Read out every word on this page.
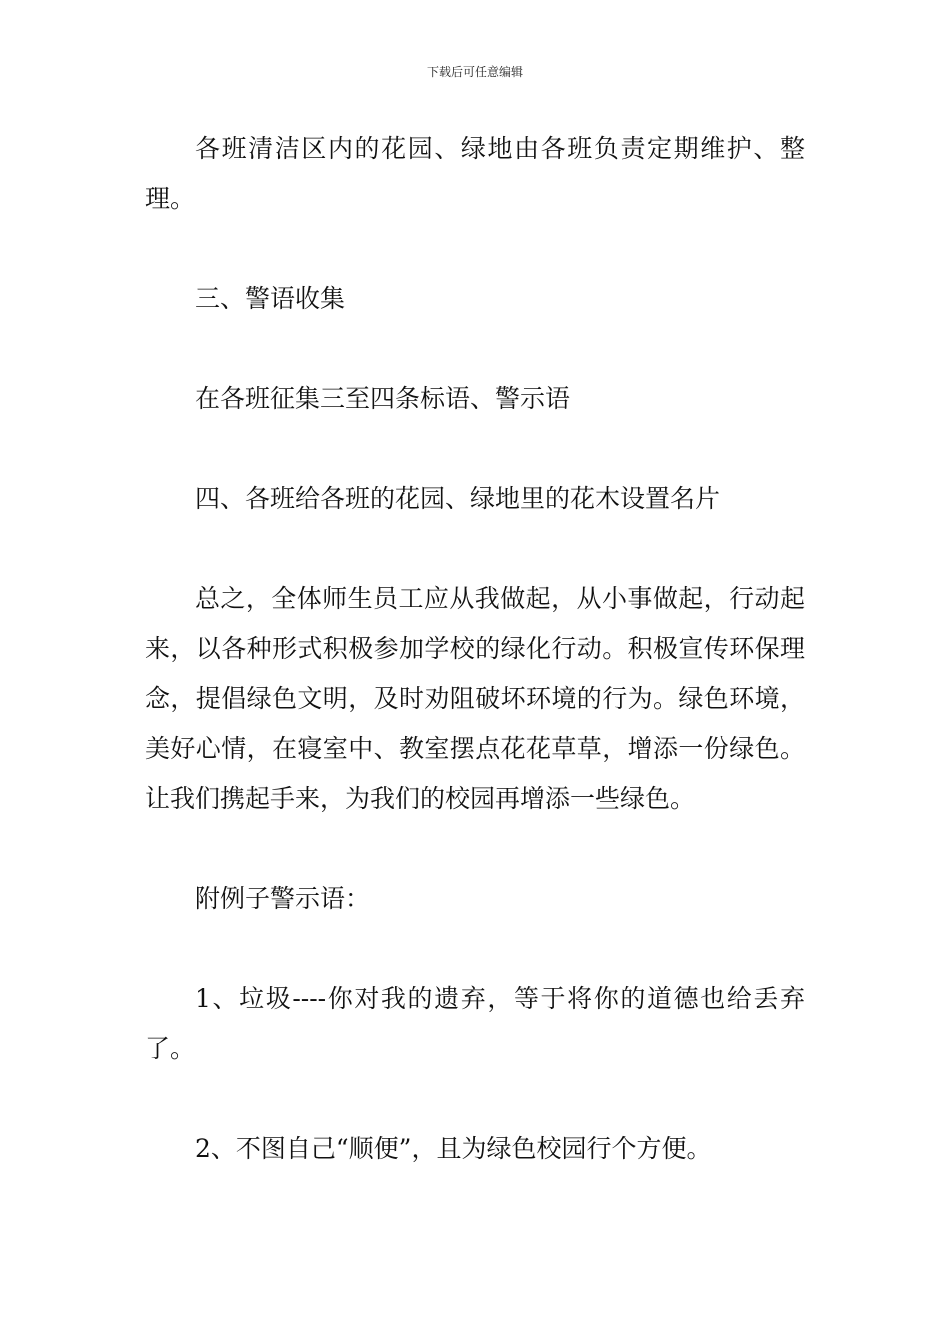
下载后可任意编辑

各班清洁区内的花园、绿地由各班负责定期维护、整理。

三、警语收集

在各班征集三至四条标语、警示语

四、各班给各班的花园、绿地里的花木设置名片

总之，全体师生员工应从我做起，从小事做起，行动起来，以各种形式积极参加学校的绿化行动。积极宣传环保理念，提倡绿色文明，及时劝阻破坏环境的行为。绿色环境，美好心情，在寝室中、教室摆点花花草草，增添一份绿色。让我们携起手来，为我们的校园再增添一些绿色。

附例子警示语：

1、垃圾----你对我的遗弃，等于将你的道德也给丢弃了。

2、不图自己“顺便”，且为绿色校园行个方便。
